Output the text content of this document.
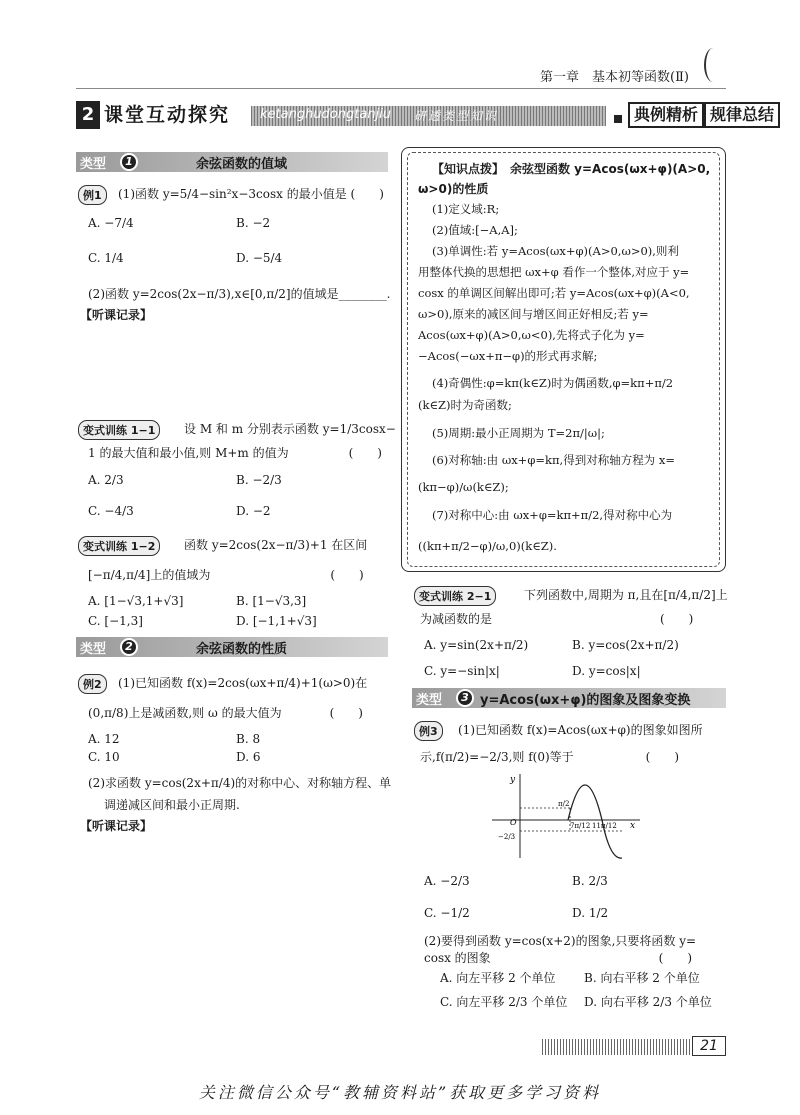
第一章　基本初等函数(Ⅱ)
2 课堂互动探究 ketanghudongtanjiu 研透类型知识	典例精析 规律总结
类型	1	余弦函数的值域
例1	(1)函数 y=5/4−sin²x−3cosx 的最小值是 (　　)
A. −7/4	B. −2
C. 1/4	D. −5/4
(2)函数 y=2cos(2x−π/3),x∈[0,π/2]的值域是________.
【听课记录】
变式训练 1−1	设 M 和 m 分别表示函数 y=1/3cosx−
1 的最大值和最小值,则 M+m 的值为　　　　　(　　)
A. 2/3	B. −2/3
C. −4/3	D. −2
变式训练 1−2	函数 y=2cos(2x−π/3)+1 在区间
[−π/4,π/4]上的值域为　　　　　　　　　　(　　)
A. [1−√3,1+√3]	B. [1−√3,3]
C. [−1,3]	D. [−1,1+√3]
类型	2	余弦函数的性质
例2	(1)已知函数 f(x)=2cos(ωx+π/4)+1(ω>0)在
(0,π/8)上是减函数,则 ω 的最大值为　　　　(　　)
A. 12	B. 8
C. 10	D. 6
(2)求函数 y=cos(2x+π/4)的对称中心、对称轴方程、单
调递减区间和最小正周期.
【听课记录】
【知识点拨】　余弦型函数 y=Acos(ωx+φ)(A>0,
ω>0)的性质
(1)定义域:R;
(2)值域:[−A,A];
(3)单调性:若 y=Acos(ωx+φ)(A>0,ω>0),则利
用整体代换的思想把 ωx+φ 看作一个整体,对应于 y=
cosx 的单调区间解出即可;若 y=Acos(ωx+φ)(A<0,
ω>0),原来的减区间与增区间正好相反;若 y=
Acos(ωx+φ)(A>0,ω<0),先将式子化为 y=
−Acos(−ωx+π−φ)的形式再求解;
(4)奇偶性:φ=kπ(k∈Z)时为偶函数,φ=kπ+π/2
(k∈Z)时为奇函数;
(5)周期:最小正周期为 T=2π/|ω|;
(6)对称轴:由 ωx+φ=kπ,得到对称轴方程为 x=
(kπ−φ)/ω(k∈Z);
(7)对称中心:由 ωx+φ=kπ+π/2,得对称中心为
((kπ+π/2−φ)/ω,0)(k∈Z).
变式训练 2−1	下列函数中,周期为 π,且在[π/4,π/2]上
为减函数的是　　　　　　　　　　　　　　(　　)
A. y=sin(2x+π/2)	B. y=cos(2x+π/2)
C. y=−sin|x|	D. y=cos|x|
类型	3 y=Acos(ωx+φ)的图象及图象变换
例3	(1)已知函数 f(x)=Acos(ωx+φ)的图象如图所
示,f(π/2)=−2/3,则 f(0)等于　　　　　　(　　)
y
x
O
π/2
−2/3
7π/12 11π/12
A. −2/3	B. 2/3
C. −1/2	D. 1/2
(2)要得到函数 y=cos(x+2)的图象,只要将函数 y=
cosx 的图象　　　　　　　　　　　　　　(　　)
A. 向左平移 2 个单位 B. 向右平移 2 个单位
C. 向左平移 2/3 个单位 D. 向右平移 2/3 个单位
21
关注微信公众号“教辅资料站”获取更多学习资料
